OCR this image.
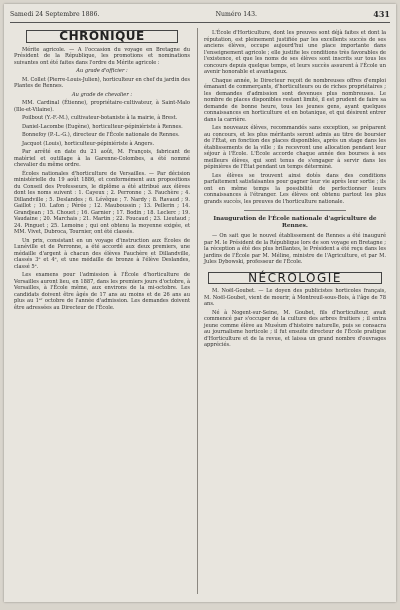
Samedi 24 Septembre 1886.	Numéro 143.	431
CHRONIQUE

Mérite agricole. — A l'occasion du voyage en Bretagne du Président de la République, les promotions et nominations suivantes ont été faites dans l'ordre du Mérite agricole :

Au grade d'officier :

M. Collet (Pierre-Louis-Julien), horticulteur en chef du jardin des Plantes de Rennes.

Au grade de chevalier :

MM. Cardinal (Étienne), propriétaire-cultivateur, à Saint-Malo (Ille-et-Vilaine).

Poilbout (Y.-F.-M.), cultivateur-botaniste à la mairie, à Brest.

Daniel-Lacombe (Eugène), horticulteur-pépiniériste à Rennes.

Bonnefoy (P.-L.-G.), directeur de l'École nationale de Rennes.

Jacquot (Louis), horticulteur-pépiniériste à Angers.

Par arrêté en date du 21 août, M. François, fabricant de matériel et outillage à la Garenne-Colombes, a été nommé chevalier du même ordre.

Écoles nationales d'horticulture de Versailles. — Par décision ministérielle du 19 août 1886, et conformément aux propositions du Conseil des Professeurs, le diplôme a été attribué aux élèves dont les noms suivent : 1. Cayeux ; 2. Perronne ; 3. Fauchère ; 4. Dillandville ; 5. Deslandes ; 6. Lévêque ; 7. Nardy ; 8. Ravaud ; 9. Gaillot ; 10. Lafon ; Pérée ; 12. Mauboussin ; 13. Pellerin ; 14. Grandjean ; 15. Chouet ; 16. Garnier ; 17. Bodin ; 18. Leclerc ; 19. Vaudaine ; 20. Marchais ; 21. Martin ; 22. Foucaud ; 23. Lieutaud ; 24. Pinguet ; 25. Lemoine ; qui ont obtenu la moyenne exigée, et MM. Vivet, Dubroca, Tournier, ont été classés.

Un prix, consistant en un voyage d'instruction aux Écoles de Lunéville et de Perronne, a été accordé aux deux premiers, une médaille d'argent à chacun des élèves Fauchère et Dillandville, classés 3ᵉ et 4ᵉ, et une médaille de bronze à l'élève Deslandes, classé 5ᵉ.

Les examens pour l'admission à l'École d'horticulture de Versailles auront lieu, en 1887, dans les premiers jours d'octobre, à Versailles, à l'École même, aux environs de la mi-octobre. Les candidats doivent être âgés de 17 ans au moins et de 26 ans au plus au 1ᵉʳ octobre de l'année d'admission. Les demandes doivent être adressées au Directeur de l'École.

L'École d'Horticulture, dont les preuves sont déjà faites et dont la réputation, est pleinement justifiée par les excellents succès de ses anciens élèves, occupe aujourd'hui une place importante dans l'enseignement agricole ; elle justifie les conditions très favorables de l'existence, et que les noms de ses élèves sont inscrits sur tous les concours depuis quelque temps, et leurs succès assurent à l'École un avenir honorable et avantageux.

Chaque année, le Directeur reçoit de nombreuses offres d'emploi émanant de commerçants, d'horticulteurs ou de riches propriétaires ; les demandes d'admission sont devenues plus nombreuses. Le nombre de places disponibles restant limité, il est prudent de faire sa demande de bonne heure, tous les jeunes gens, ayant quelques connaissances en horticulture et en botanique, et qui désirent entrer dans la carrière.

Les nouveaux élèves, recommandés sans exception, se préparent au concours, et les plus méritants seront admis au titre de boursier de l'État, en fonction des places disponibles, après un stage dans les établissements de la ville ; ils recevront une allocation pendant leur séjour à l'École. L'École accorde chaque année des bourses à ses meilleurs élèves, qui sont tenus de s'engager à servir dans les pépinières de l'État pendant un temps déterminé.

Les élèves se trouvent ainsi dotés dans des conditions parfaitement satisfaisantes pour gagner leur vie après leur sortie ; ils ont en même temps la possibilité de perfectionner leurs connaissances à l'étranger. Les élèves ont obtenu partout les plus grands succès, les preuves de l'horticulture nationale.

Inauguration de l'École nationale d'agriculture de Rennes.

— On sait que le nouvel établissement de Rennes a été inauguré par M. le Président de la République lors de son voyage en Bretagne ; la réception a été des plus brillantes, le Président a été reçu dans les jardins de l'École par M. Méline, ministre de l'Agriculture, et par M. Jules Dybowski, professeur de l'École.

NÉCROLOGIE

M. Noël-Goubet. — Le doyen des publicistes horticoles français, M. Noël-Goubet, vient de mourir, à Montreuil-sous-Bois, à l'âge de 78 ans.

Né à Nogent-sur-Seine, M. Goubet, fils d'horticulteur, avait commencé par s'occuper de la culture des arbres fruitiers ; il entra jeune comme élève au Muséum d'histoire naturelle, puis se consacra au journalisme horticole ; il fut ensuite directeur de l'École pratique d'Horticulture et de la revue, et laissa un grand nombre d'ouvrages appréciés.
